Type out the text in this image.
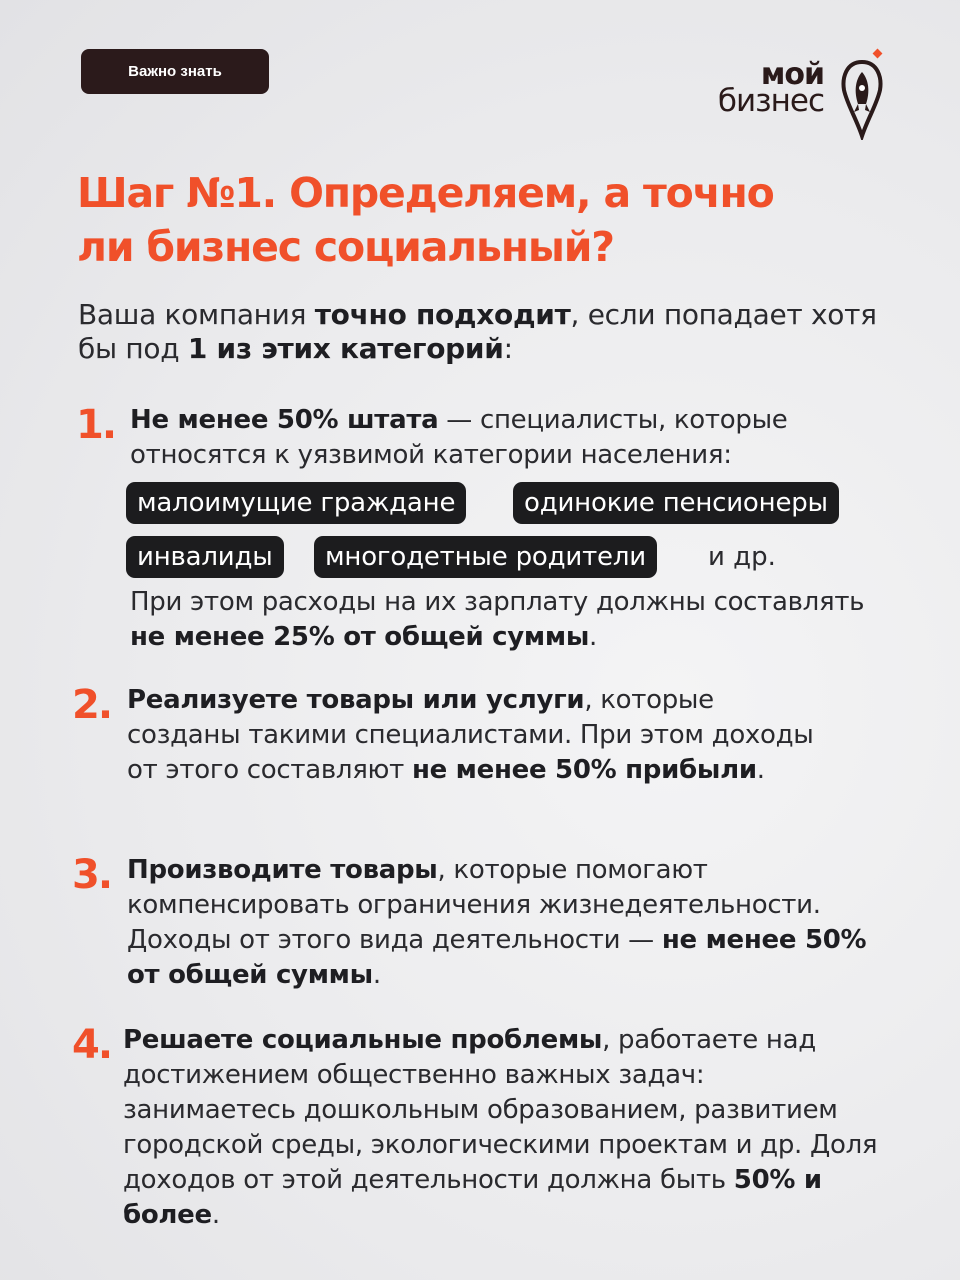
Важно знать	мой
бизнес
Шаг №1. Определяем, а точно
ли бизнес социальный?
Ваша компания точно подходит, если попадает хотя бы под 1 из этих категорий:
1. Не менее 50% штата — специалисты, которые относятся к уязвимой категории населения:
малоимущие граждане	одинокие пенсионеры
инвалиды	многодетные родители	и др.
При этом расходы на их зарплату должны составлять не менее 25% от общей суммы.
2. Реализуете товары или услуги, которые созданы такими специалистами. При этом доходы от этого составляют не менее 50% прибыли.
3. Производите товары, которые помогают компенсировать ограничения жизнедеятельности. Доходы от этого вида деятельности — не менее 50% от общей суммы.
4. Решаете социальные проблемы, работаете над достижением общественно важных задач: занимаетесь дошкольным образованием, развитием городской среды, экологическими проектам и др. Доля доходов от этой деятельности должна быть 50% и более.
